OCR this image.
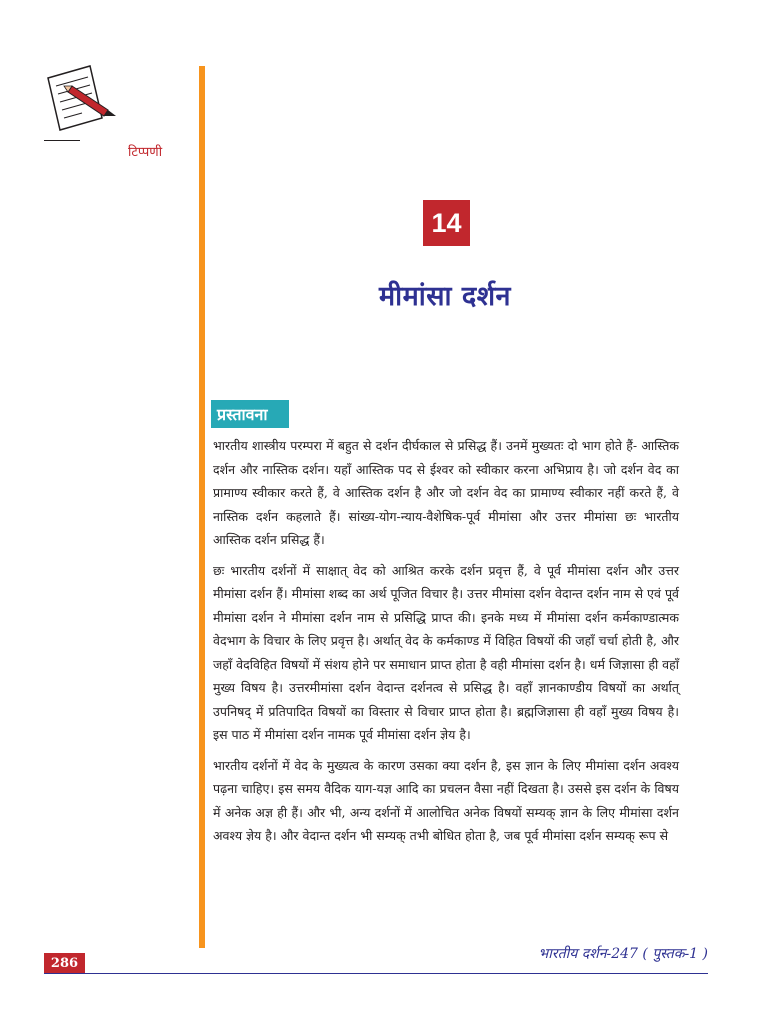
टिप्पणी
14
मीमांसा दर्शन
प्रस्तावना

भारतीय शास्त्रीय परम्परा में बहुत से दर्शन दीर्घकाल से प्रसिद्ध हैं। उनमें मुख्यतः दो भाग होते हैं- आस्तिक दर्शन और नास्तिक दर्शन। यहाँ आस्तिक पद से ईश्वर को स्वीकार करना अभिप्राय है। जो दर्शन वेद का प्रामाण्य स्वीकार करते हैं, वे आस्तिक दर्शन है और जो दर्शन वेद का प्रामाण्य स्वीकार नहीं करते हैं, वे नास्तिक दर्शन कहलाते हैं। सांख्य-योग-न्याय-वैशेषिक-पूर्व मीमांसा और उत्तर मीमांसा छः भारतीय आस्तिक दर्शन प्रसिद्ध हैं।

छः भारतीय दर्शनों में साक्षात् वेद को आश्रित करके दर्शन प्रवृत्त हैं, वे पूर्व मीमांसा दर्शन और उत्तर मीमांसा दर्शन हैं। मीमांसा शब्द का अर्थ पूजित विचार है। उत्तर मीमांसा दर्शन वेदान्त दर्शन नाम से एवं पूर्व मीमांसा दर्शन ने मीमांसा दर्शन नाम से प्रसिद्धि प्राप्त की। इनके मध्य में मीमांसा दर्शन कर्मकाण्डात्मक वेदभाग के विचार के लिए प्रवृत्त है। अर्थात् वेद के कर्मकाण्ड में विहित विषयों की जहाँ चर्चा होती है, और जहाँ वेदविहित विषयों में संशय होने पर समाधान प्राप्त होता है वही मीमांसा दर्शन है। धर्म जिज्ञासा ही वहाँ मुख्य विषय है। उत्तरमीमांसा दर्शन वेदान्त दर्शनत्व से प्रसिद्ध है। वहाँ ज्ञानकाण्डीय विषयों का अर्थात् उपनिषद् में प्रतिपादित विषयों का विस्तार से विचार प्राप्त होता है। ब्रह्मजिज्ञासा ही वहाँ मुख्य विषय है। इस पाठ में मीमांसा दर्शन नामक पूर्व मीमांसा दर्शन ज्ञेय है।

भारतीय दर्शनों में वेद के मुख्यत्व के कारण उसका क्या दर्शन है, इस ज्ञान के लिए मीमांसा दर्शन अवश्य पढ़ना चाहिए। इस समय वैदिक याग-यज्ञ आदि का प्रचलन वैसा नहीं दिखता है। उससे इस दर्शन के विषय में अनेक अज्ञ ही हैं। और भी, अन्य दर्शनों में आलोचित अनेक विषयों सम्यक् ज्ञान के लिए मीमांसा दर्शन अवश्य ज्ञेय है। और वेदान्त दर्शन भी सम्यक् तभी बोधित होता है, जब पूर्व मीमांसा दर्शन सम्यक् रूप से

286
भारतीय दर्शन-247 ( पुस्तक-1 )
